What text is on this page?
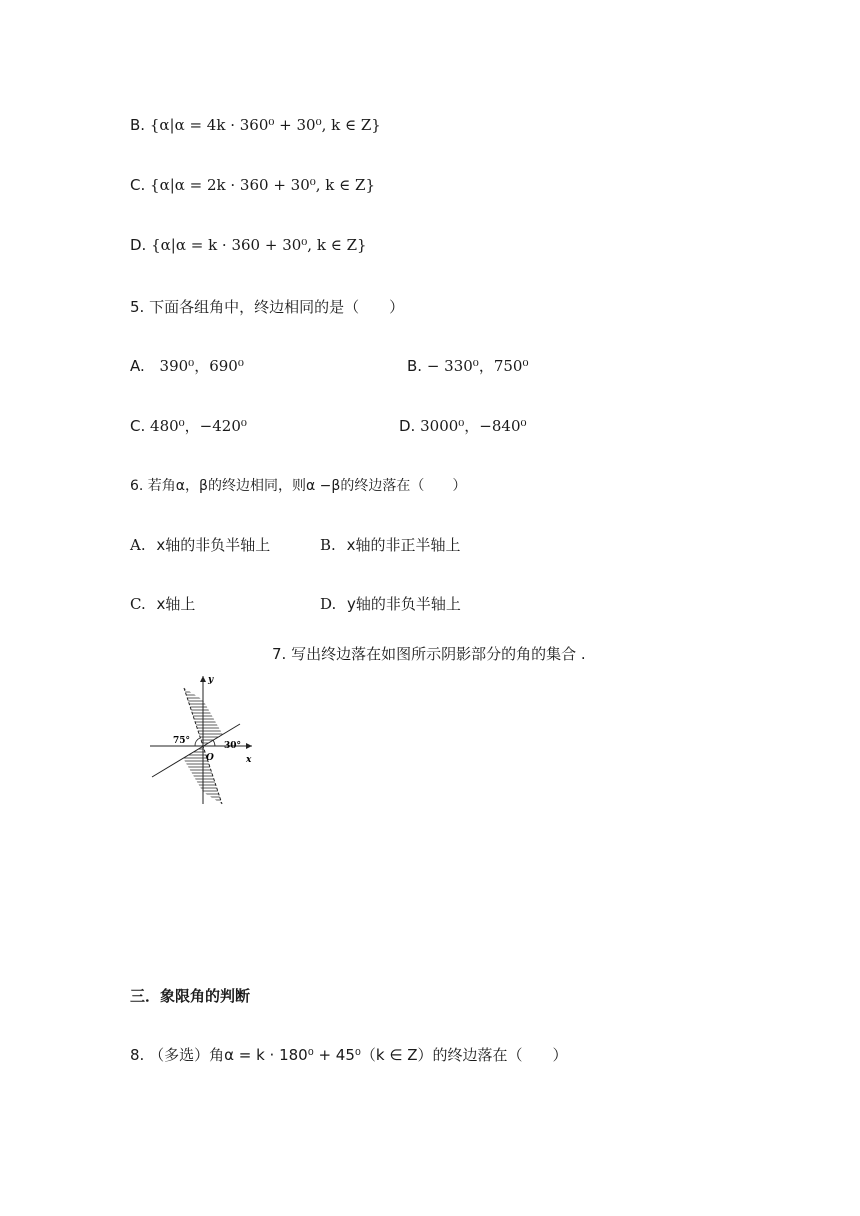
B. {α|α = 4k · 360⁰ + 30⁰, k ∈ Z}
C. {α|α = 2k · 360 + 30⁰, k ∈ Z}
D. {α|α = k · 360 + 30⁰, k ∈ Z}
5. 下面各组角中，终边相同的是（　　）
A. 390⁰，690⁰	B. − 330⁰，750⁰
C. 480⁰，−420⁰	D. 3000⁰，−840⁰
6. 若角α，β的终边相同，则α −β的终边落在（　　）
A. x轴的非负半轴上	B. x轴的非正半轴上
C. x轴上	D. y轴的非负半轴上
7. 写出终边落在如图所示阴影部分的角的集合 .
y
x
O
75°	30°
三．象限角的判断
8. （多选）角α = k · 180⁰ + 45⁰（k ∈ Z）的终边落在（　　）
